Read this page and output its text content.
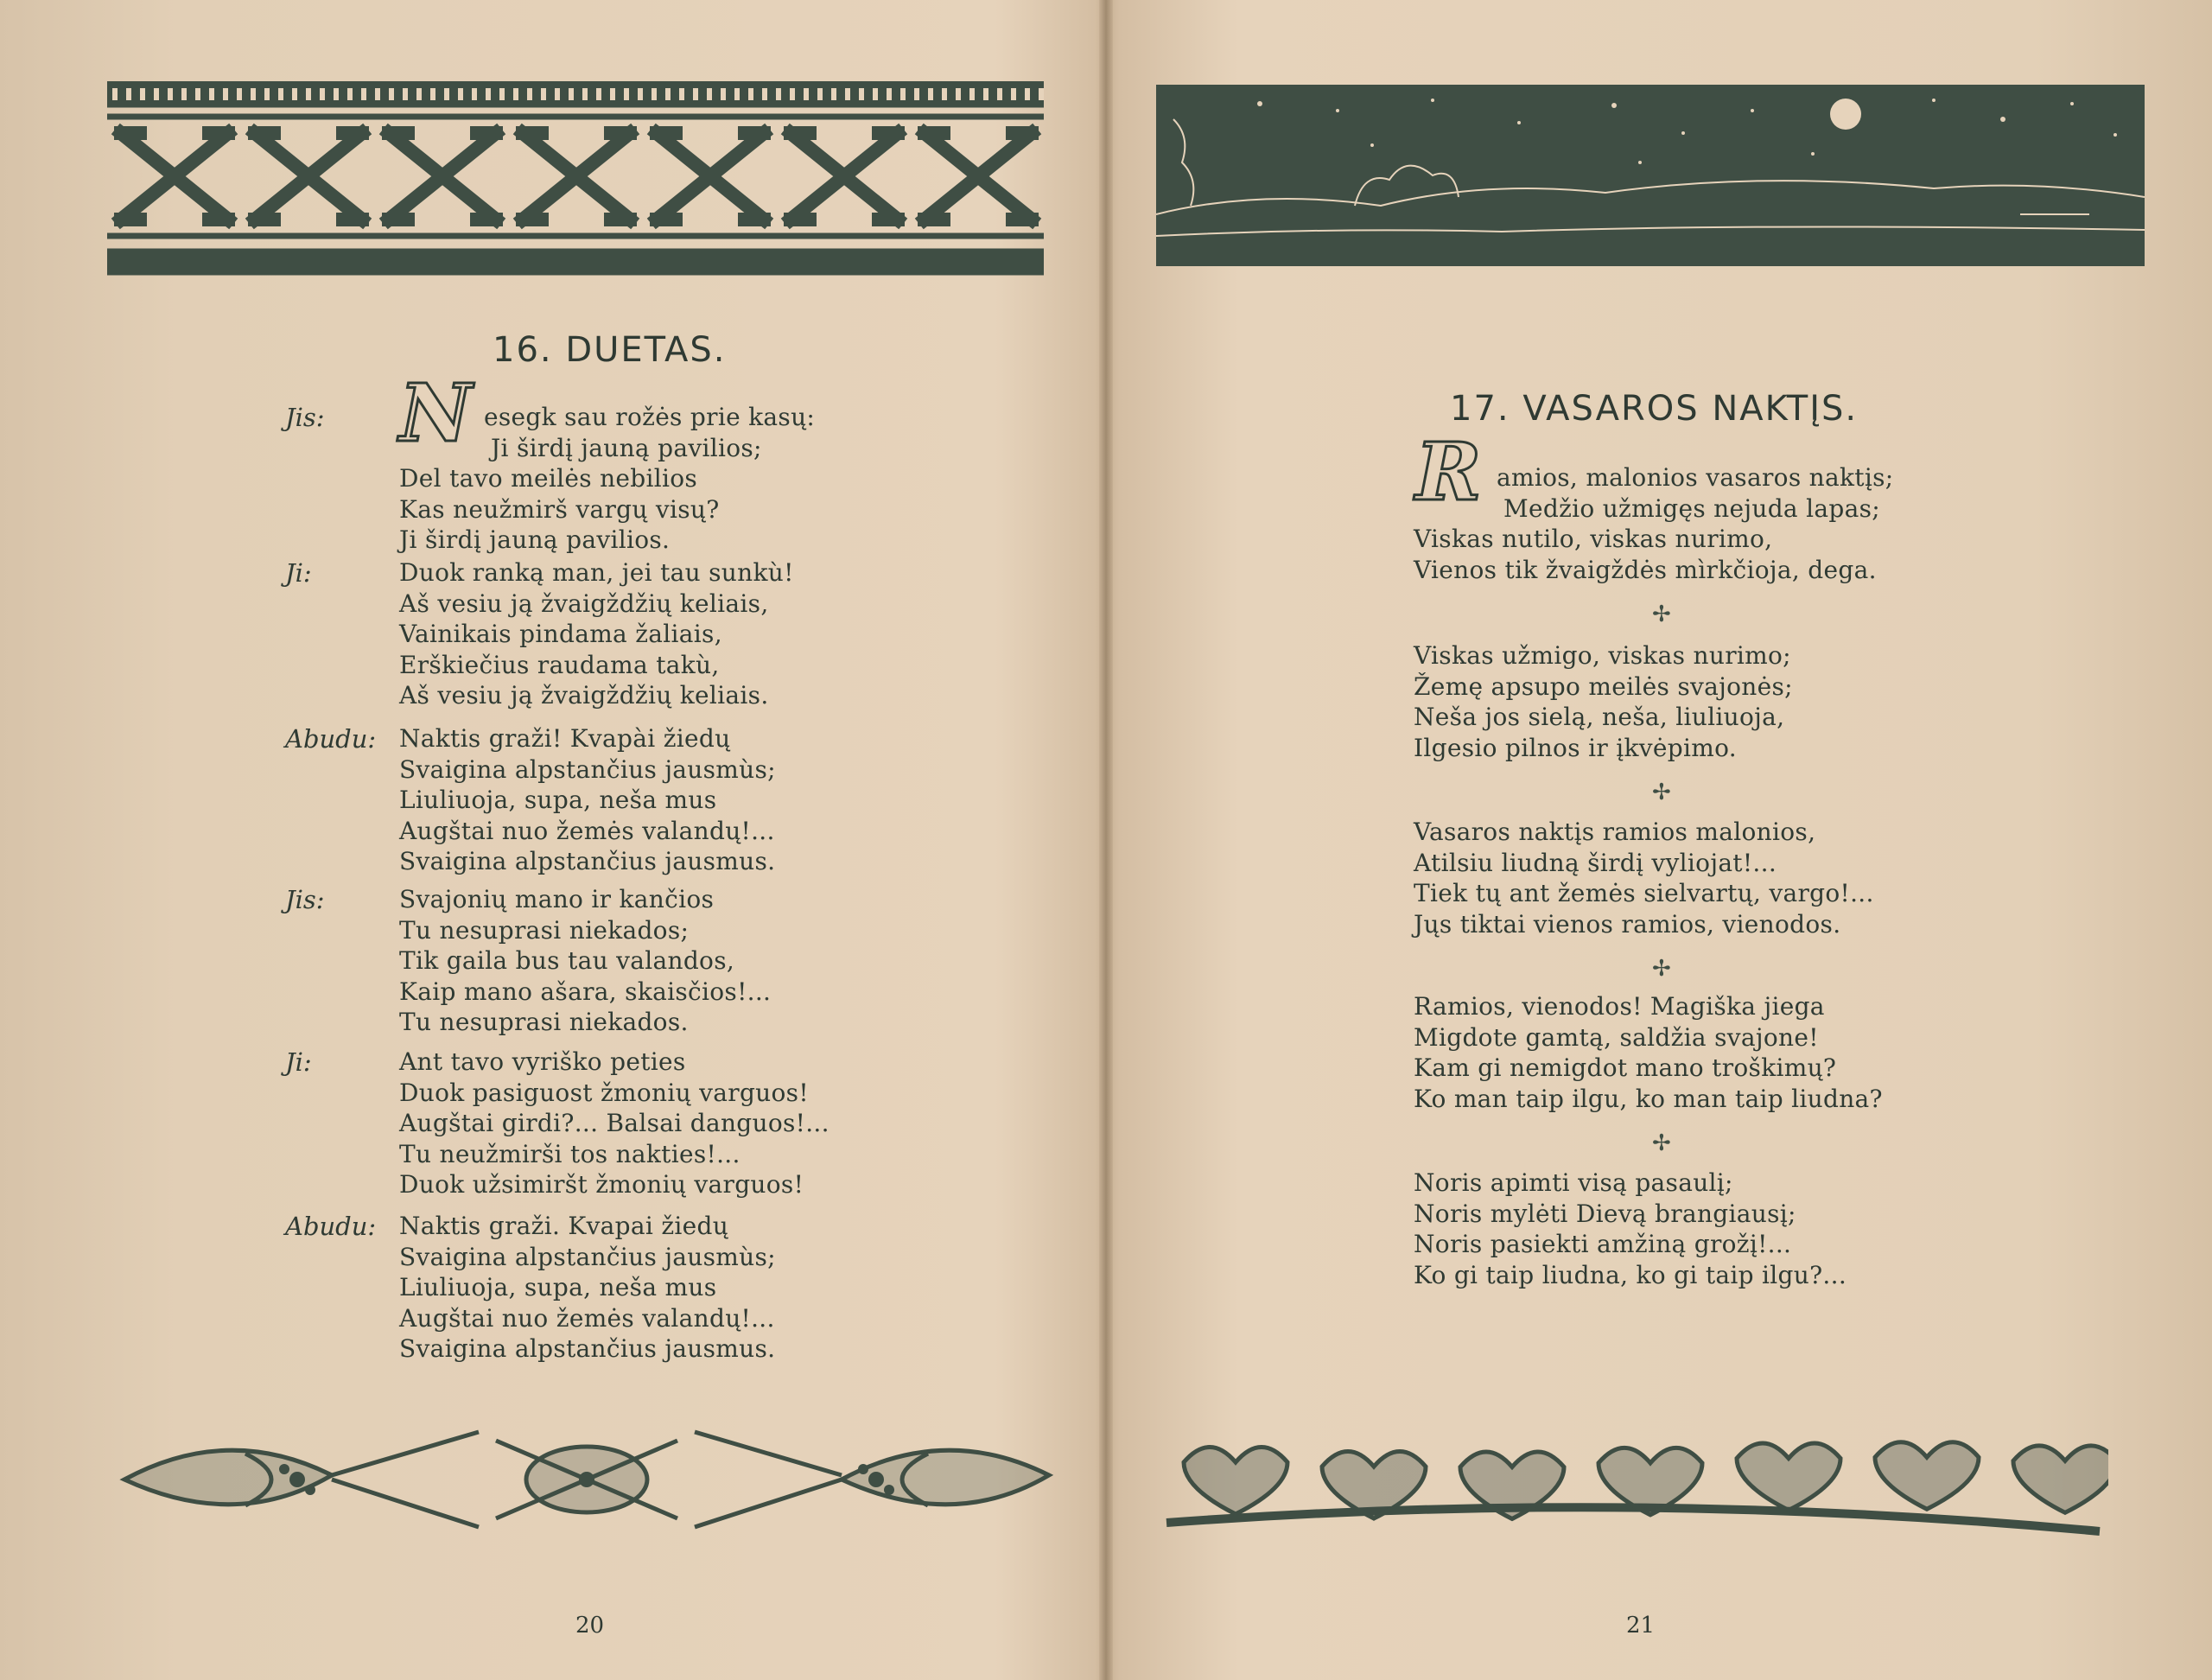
16. DUETAS.
N
Jis:	esegk sau rožės prie kasų:
Ji širdį jauną pavilios;
Del tavo meilės nebilios
Kas neužmirš vargų visų?
Ji širdį jauną pavilios.
Ji:	Duok ranką man, jei tau sunkù!
Aš vesiu ją žvaigždžių keliais,
Vainikais pindama žaliais,
Erškiečius raudama takù,
Aš vesiu ją žvaigždžių keliais.
Abudu: Naktis graži! Kvapài žiedų
Svaigina alpstančius jausmùs;
Liuliuoja, supa, neša mus
Augštai nuo žemės valandų!...
Svaigina alpstančius jausmus.
Jis:	Svajonių mano ir kančios
Tu nesuprasi niekados;
Tik gaila bus tau valandos,
Kaip mano ašara, skaisčios!...
Tu nesuprasi niekados.
Ji:	Ant tavo vyriško peties
Duok pasiguost žmonių varguos!
Augštai girdi?... Balsai danguos!...
Tu neužmirši tos nakties!...
Duok užsimiršt žmonių varguos!
Abudu: Naktis graži. Kvapai žiedų
Svaigina alpstančius jausmùs;
Liuliuoja, supa, neša mus
Augštai nuo žemės valandų!...
Svaigina alpstančius jausmus.
20
17. VASAROS NAKTĮS.
R amios, malonios vasaros naktįs;
Medžio užmigęs nejuda lapas;
Viskas nutilo, viskas nurimo,
Vienos tik žvaigždės mìrkčioja, dega.
✢
Viskas užmigo, viskas nurimo;
Žemę apsupo meilės svajonės;
Neša jos sielą, neša, liuliuoja,
Ilgesio pilnos ir įkvėpimo.
✢
Vasaros naktįs ramios malonios,
Atilsiu liudną širdį vyliojat!...
Tiek tų ant žemės sielvartų, vargo!...
Jųs tiktai vienos ramios, vienodos.
✢
Ramios, vienodos! Magiška jiega
Migdote gamtą, saldžia svajone!
Kam gi nemigdot mano troškimų?
Ko man taip ilgu, ko man taip liudna?
✢
Noris apimti visą pasaulį;
Noris mylėti Dievą brangiausį;
Noris pasiekti amžiną grožį!...
Ko gi taip liudna, ko gi taip ilgu?...
21
